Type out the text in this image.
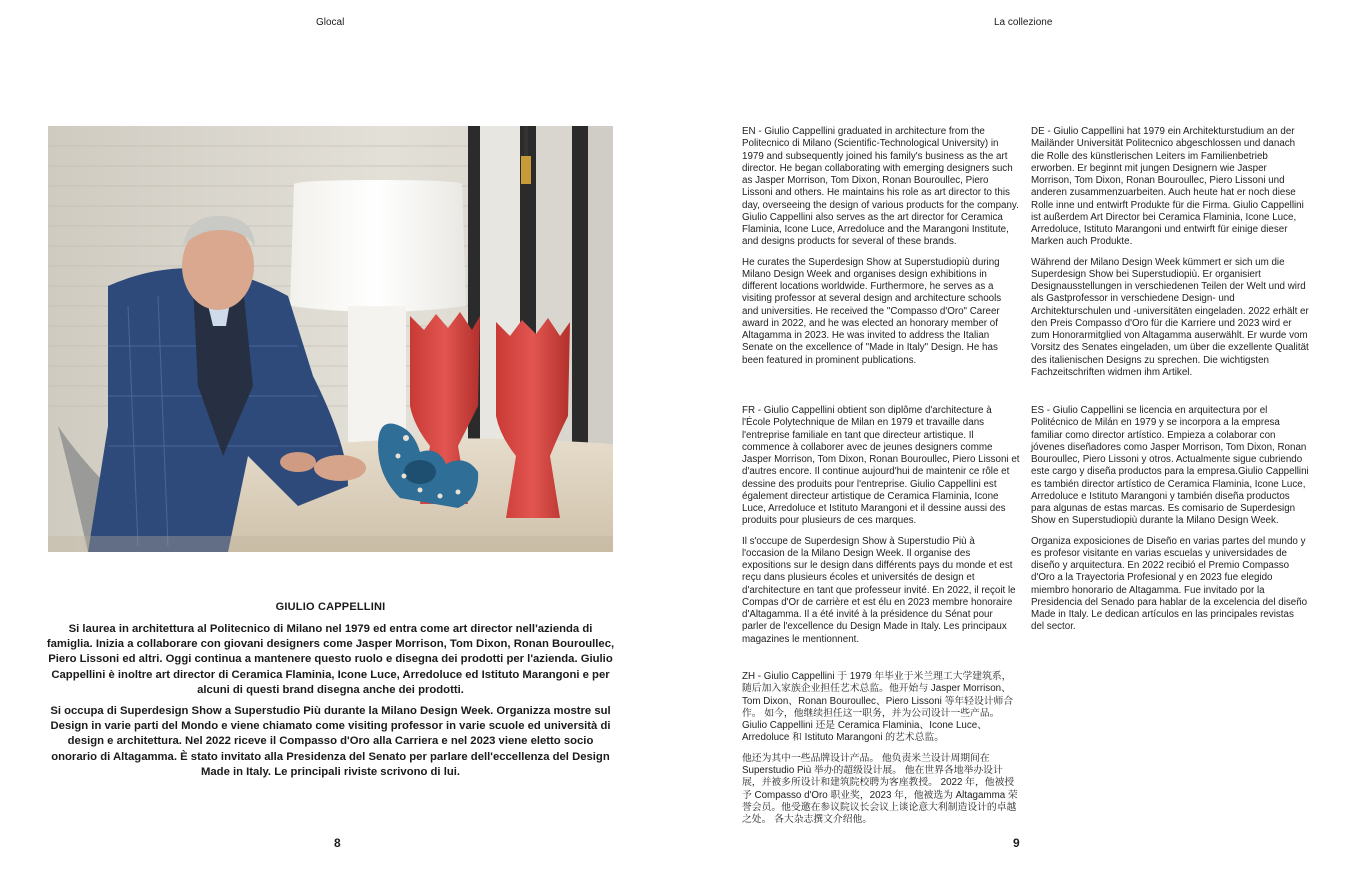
Glocal
GIULIO CAPPELLINI

Si laurea in architettura al Politecnico di Milano nel 1979 ed entra come art director nell'azienda di famiglia. Inizia a collaborare con giovani designers come Jasper Morrison, Tom Dixon, Ronan Bouroullec, Piero Lissoni ed altri. Oggi continua a mantenere questo ruolo e disegna dei prodotti per l'azienda. Giulio Cappellini è inoltre art director di Ceramica Flaminia, Icone Luce, Arredoluce ed Istituto Marangoni e per alcuni di questi brand disegna anche dei prodotti.

Si occupa di Superdesign Show a Superstudio Più durante la Milano Design Week. Organizza mostre sul Design in varie parti del Mondo e viene chiamato come visiting professor in varie scuole ed università di design e architettura. Nel 2022 riceve il Compasso d'Oro alla Carriera e nel 2023 viene eletto socio onorario di Altagamma. È stato invitato alla Presidenza del Senato per parlare dell'eccellenza del Design Made in Italy. Le principali riviste scrivono di lui.

8
La collezione

EN - Giulio Cappellini graduated in architecture from the Politecnico di Milano (Scientific-Technological University) in 1979 and subsequently joined his family's business as the art director. He began collaborating with emerging designers such as Jasper Morrison, Tom Dixon, Ronan Bouroullec, Piero Lissoni and others. He maintains his role as art director to this day, overseeing the design of various products for the company. Giulio Cappellini also serves as the art director for Ceramica Flaminia, Icone Luce, Arredoluce and the Marangoni Institute, and designs products for several of these brands.

He curates the Superdesign Show at Superstudiopiù during Milano Design Week and organises design exhibitions in different locations worldwide. Furthermore, he serves as a visiting professor at several design and architecture schools and universities. He received the "Compasso d'Oro" Career award in 2022, and he was elected an honorary member of Altagamma in 2023. He was invited to address the Italian Senate on the excellence of "Made in Italy" Design. He has been featured in prominent publications.

DE - Giulio Cappellini hat 1979 ein Architekturstudium an der Mailänder Universität Politecnico abgeschlossen und danach die Rolle des künstlerischen Leiters im Familienbetrieb erworben. Er beginnt mit jungen Designern wie Jasper Morrison, Tom Dixon, Ronan Bouroullec, Piero Lissoni und anderen zusammenzuarbeiten. Auch heute hat er noch diese Rolle inne und entwirft Produkte für die Firma. Giulio Cappellini ist außerdem Art Director bei Ceramica Flaminia, Icone Luce, Arredoluce, Istituto Marangoni und entwirft für einige dieser Marken auch Produkte.

Während der Milano Design Week kümmert er sich um die Superdesign Show bei Superstudiopiù. Er organisiert Designausstellungen in verschiedenen Teilen der Welt und wird als Gastprofessor in verschiedene Design- und Architekturschulen und -universitäten eingeladen. 2022 erhält er den Preis Compasso d'Oro für die Karriere und 2023 wird er zum Honorarmitglied von Altagamma auserwählt. Er wurde vom Vorsitz des Senates eingeladen, um über die exzellente Qualität des italienischen Designs zu sprechen. Die wichtigsten Fachzeitschriften widmen ihm Artikel.

FR - Giulio Cappellini obtient son diplôme d'architecture à l'École Polytechnique de Milan en 1979 et travaille dans l'entreprise familiale en tant que directeur artistique. Il commence à collaborer avec de jeunes designers comme Jasper Morrison, Tom Dixon, Ronan Bouroullec, Piero Lissoni et d'autres encore. Il continue aujourd'hui de maintenir ce rôle et dessine des produits pour l'entreprise. Giulio Cappellini est également directeur artistique de Ceramica Flaminia, Icone Luce, Arredoluce et Istituto Marangoni et il dessine aussi des produits pour plusieurs de ces marques.

Il s'occupe de Superdesign Show à Superstudio Più à l'occasion de la Milano Design Week. Il organise des expositions sur le design dans différents pays du monde et est reçu dans plusieurs écoles et universités de design et d'architecture en tant que professeur invité. En 2022, il reçoit le Compas d'Or de carrière et est élu en 2023 membre honoraire d'Altagamma. Il a été invité à la présidence du Sénat pour parler de l'excellence du Design Made in Italy. Les principaux magazines le mentionnent.

ES - Giulio Cappellini se licencia en arquitectura por el Politécnico de Milán en 1979 y se incorpora a la empresa familiar como director artístico. Empieza a colaborar con jóvenes diseñadores como Jasper Morrison, Tom Dixon, Ronan Bouroullec, Piero Lissoni y otros. Actualmente sigue cubriendo este cargo y diseña productos para la empresa.Giulio Cappellini es también director artístico de Ceramica Flaminia, Icone Luce, Arredoluce e Istituto Marangoni y también diseña productos para algunas de estas marcas. Es comisario de Superdesign Show en Superstudiopiù durante la Milano Design Week.

Organiza exposiciones de Diseño en varias partes del mundo y es profesor visitante en varias escuelas y universidades de diseño y arquitectura. En 2022 recibió el Premio Compasso d'Oro a la Trayectoria Profesional y en 2023 fue elegido miembro honorario de Altagamma. Fue invitado por la Presidencia del Senado para hablar de la excelencia del diseño Made in Italy. Le dedican artículos en las principales revistas del sector.

ZH - Giulio Cappellini 于 1979 年毕业于米兰理工大学建筑系，随后加入家族企业担任艺术总监。他开始与 Jasper Morrison、Tom Dixon、Ronan Bouroullec、Piero Lissoni 等年轻设计师合作。 如今，他继续担任这一职务，并为公司设计一些产品。 Giulio Cappellini 还是 Ceramica Flaminia、Icone Luce、Arredoluce 和 Istituto Marangoni 的艺术总监。

他还为其中一些品牌设计产品。 他负责米兰设计周期间在 Superstudio Più 举办的超级设计展。 他在世界各地举办设计展，并被多所设计和建筑院校聘为客座教授。 2022 年，他被授予 Compasso d'Oro 职业奖，2023 年，他被选为 Altagamma 荣誉会员。他受邀在参议院议长会议上谈论意大利制造设计的卓越之处。 各大杂志撰文介绍他。

9
